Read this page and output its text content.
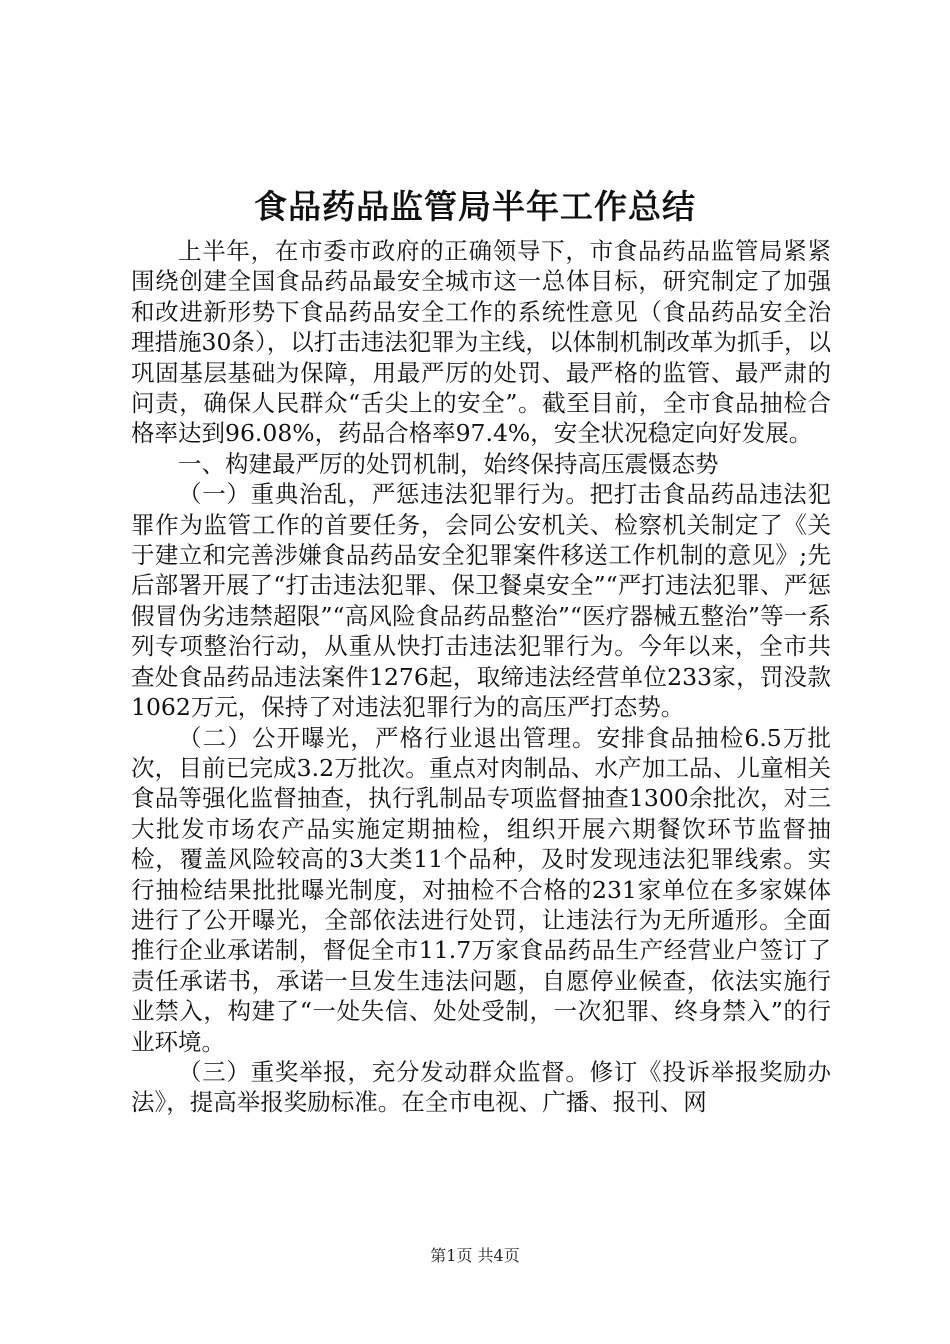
食品药品监管局半年工作总结

上半年，在市委市政府的正确领导下，市食品药品监管局紧紧围绕创建全国食品药品最安全城市这一总体目标，研究制定了加强和改进新形势下食品药品安全工作的系统性意见（食品药品安全治理措施30条），以打击违法犯罪为主线，以体制机制改革为抓手，以巩固基层基础为保障，用最严厉的处罚、最严格的监管、最严肃的问责，确保人民群众“舌尖上的安全”。截至目前，全市食品抽检合格率达到96.08%，药品合格率97.4%，安全状况稳定向好发展。

一、构建最严厉的处罚机制，始终保持高压震慑态势

（一）重典治乱，严惩违法犯罪行为。把打击食品药品违法犯罪作为监管工作的首要任务，会同公安机关、检察机关制定了《关于建立和完善涉嫌食品药品安全犯罪案件移送工作机制的意见》;先后部署开展了“打击违法犯罪、保卫餐桌安全”“严打违法犯罪、严惩假冒伪劣违禁超限”“高风险食品药品整治”“医疗器械五整治”等一系列专项整治行动，从重从快打击违法犯罪行为。今年以来，全市共查处食品药品违法案件1276起，取缔违法经营单位233家，罚没款1062万元，保持了对违法犯罪行为的高压严打态势。

（二）公开曝光，严格行业退出管理。安排食品抽检6.5万批次，目前已完成3.2万批次。重点对肉制品、水产加工品、儿童相关食品等强化监督抽查，执行乳制品专项监督抽查1300余批次，对三大批发市场农产品实施定期抽检，组织开展六期餐饮环节监督抽检，覆盖风险较高的3大类11个品种，及时发现违法犯罪线索。实行抽检结果批批曝光制度，对抽检不合格的231家单位在多家媒体进行了公开曝光，全部依法进行处罚，让违法行为无所遁形。全面推行企业承诺制，督促全市11.7万家食品药品生产经营业户签订了责任承诺书，承诺一旦发生违法问题，自愿停业候查，依法实施行业禁入，构建了“一处失信、处处受制，一次犯罪、终身禁入”的行业环境。

（三）重奖举报，充分发动群众监督。修订《投诉举报奖励办法》，提高举报奖励标准。在全市电视、广播、报刊、网

第1页 共4页
